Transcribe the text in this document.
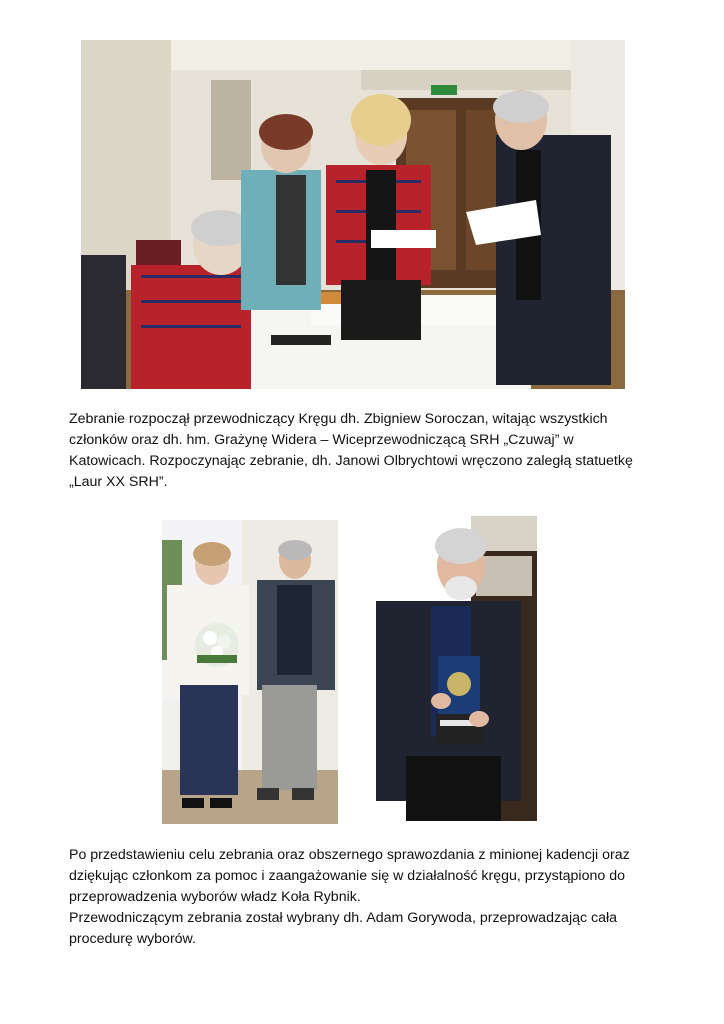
Zebranie rozpoczął przewodniczący Kręgu dh. Zbigniew Soroczan, witając wszystkich
członków oraz dh. hm. Grażynę Widera – Wiceprzewodniczącą SRH „Czuwaj” w
Katowicach. Rozpoczynając zebranie, dh. Janowi Olbrychtowi wręczono zaległą statuetkę
„Laur XX SRH”.

Po przedstawieniu celu zebrania oraz obszernego sprawozdania z minionej kadencji oraz
dziękując członkom za pomoc i zaangażowanie się w działalność kręgu, przystąpiono do
przeprowadzenia wyborów władz Koła Rybnik.
Przewodniczącym zebrania został wybrany dh. Adam Gorywoda, przeprowadzając cała
procedurę wyborów.
